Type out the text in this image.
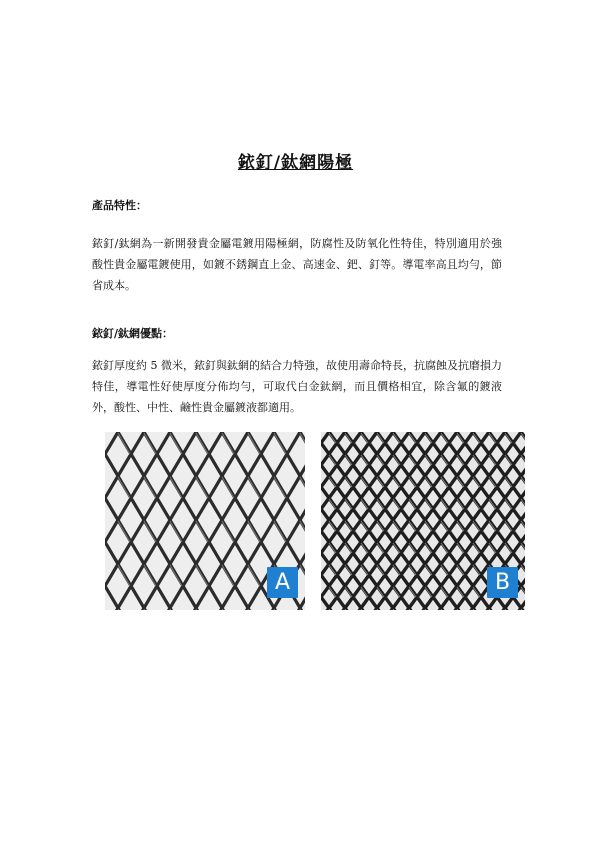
銥釘/鈦網陽極
產品特性：
銥釘/鈦網為一新開發貴金屬電鍍用陽極網，防腐性及防氧化性特佳，特別適用於強酸性貴金屬電鍍使用，如鍍不銹鋼直上金、高速金、鈀、釘等。導電率高且均勻，節省成本。
銥釘/鈦網優點：
銥釘厚度約 5 微米，銥釘與鈦網的結合力特強，故使用壽命特長，抗腐蝕及抗磨損力特佳，導電性好使厚度分佈均勻，可取代白金鈦網，而且價格相宜，除含氟的鍍液外，酸性、中性、鹼性貴金屬鍍液都適用。
A	B
